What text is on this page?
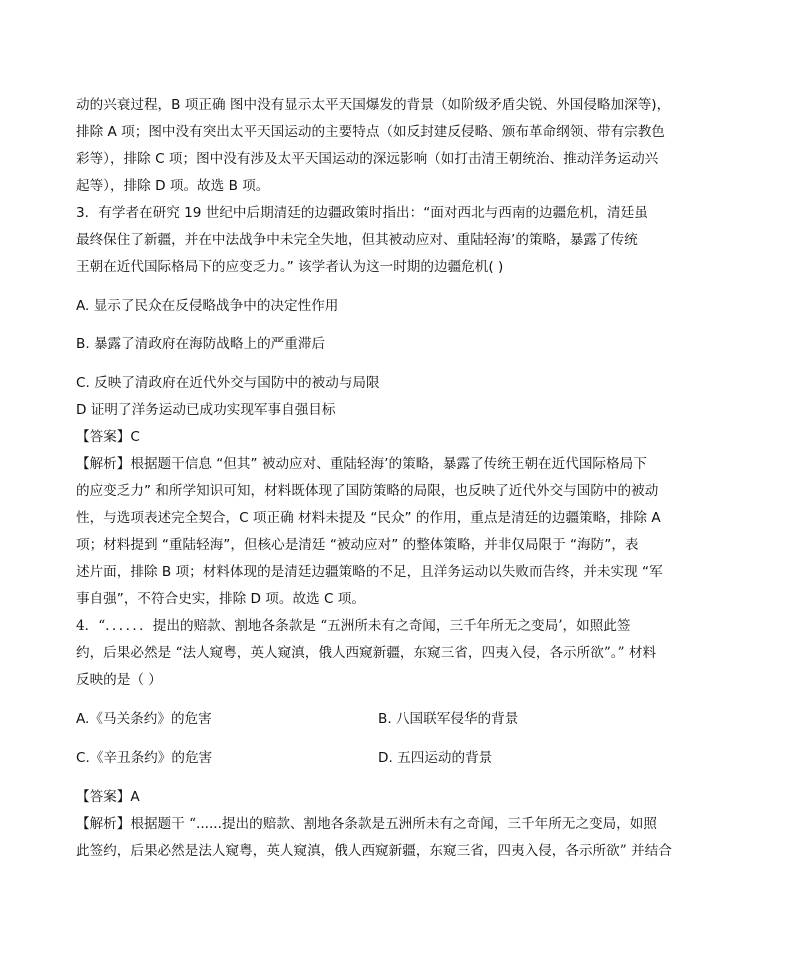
动的兴衰过程，B 项正确 图中没有显示太平天国爆发的背景（如阶级矛盾尖锐、外国侵略加深等)，
排除 A 项；图中没有突出太平天国运动的主要特点（如反封建反侵略、颁布革命纲领、带有宗教色
彩等），排除 C 项；图中没有涉及太平天国运动的深远影响（如打击清王朝统治、推动洋务运动兴
起等），排除 D 项。故选 B 项。
3．有学者在研究 19 世纪中后期清廷的边疆政策时指出：“面对西北与西南的边疆危机，清廷虽
最终保住了新疆，并在中法战争中未完全失地，但其被动应对、重陆轻海’的策略，暴露了传统
王朝在近代国际格局下的应变乏力。” 该学者认为这一时期的边疆危机( )
A. 显示了民众在反侵略战争中的决定性作用
B. 暴露了清政府在海防战略上的严重滞后
C. 反映了清政府在近代外交与国防中的被动与局限
D 证明了洋务运动已成功实现军事自强目标
【答案】C
【解析】根据题干信息 “但其” 被动应对、重陆轻海’的策略，暴露了传统王朝在近代国际格局下
的应变乏力” 和所学知识可知，材料既体现了国防策略的局限，也反映了近代外交与国防中的被动
性，与选项表述完全契合，C 项正确 材料未提及 “民众” 的作用，重点是清廷的边疆策略，排除 A
项；材料提到 “重陆轻海”，但核心是清廷 “被动应对” 的整体策略，并非仅局限于 “海防”，表
述片面，排除 B 项；材料体现的是清廷边疆策略的不足，且洋务运动以失败而告终，并未实现 “军
事自强”，不符合史实，排除 D 项。故选 C 项。
4．“．．．．．．提出的赔款、割地各条款是 “五洲所未有之奇闻，三千年所无之变局’，如照此签
约，后果必然是 “法人窥粤，英人窥滇，俄人西窥新疆，东窥三省，四夷入侵，各示所欲”。” 材料
反映的是（ ）
A.《马关条约》的危害	B. 八国联军侵华的背景
C.《辛丑条约》的危害	D. 五四运动的背景
【答案】A
【解析】根据题干 “......提出的赔款、割地各条款是五洲所未有之奇闻，三千年所无之变局，如照
此签约，后果必然是法人窥粤，英人窥滇，俄人西窥新疆，东窥三省，四夷入侵，各示所欲” 并结合
